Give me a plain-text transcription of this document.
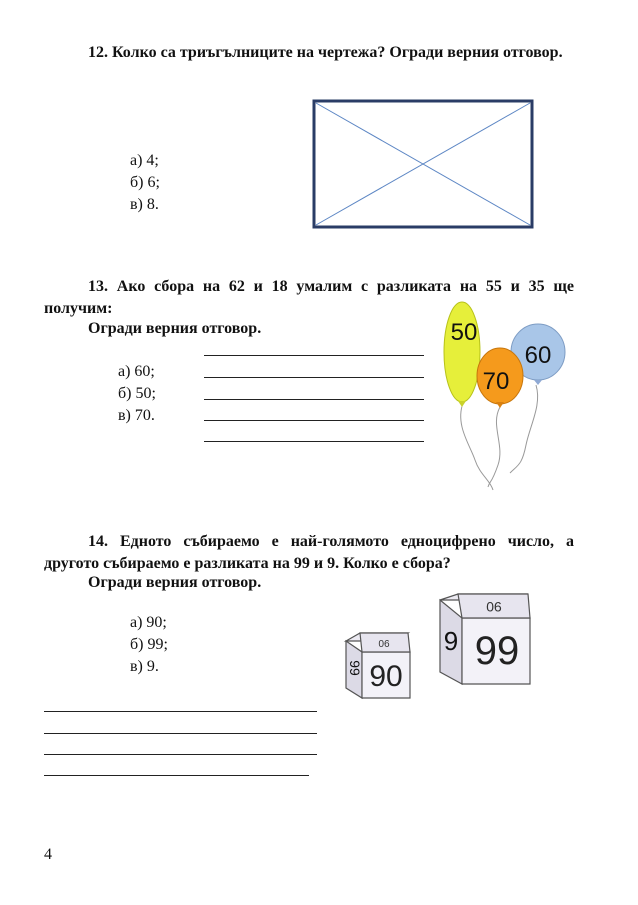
12. Колко са триъгълниците на чертежа? Огради верния отговор.
а) 4;
б) 6;
в) 8.
13. Ако сбора на 62 и 18 умалим с разликата на 55 и 35 ще получим:
Огради верния отговор.
а) 60;
б) 50;
в) 70.
60
50
70
14. Едното събираемо е най-голямото едноцифрено число, а другото събираемо е разликата на 99 и 9. Колко е сбора?
Огради верния отговор.
а) 90;
б) 99;
в) 9.
90
99 90
90
9 99
4
